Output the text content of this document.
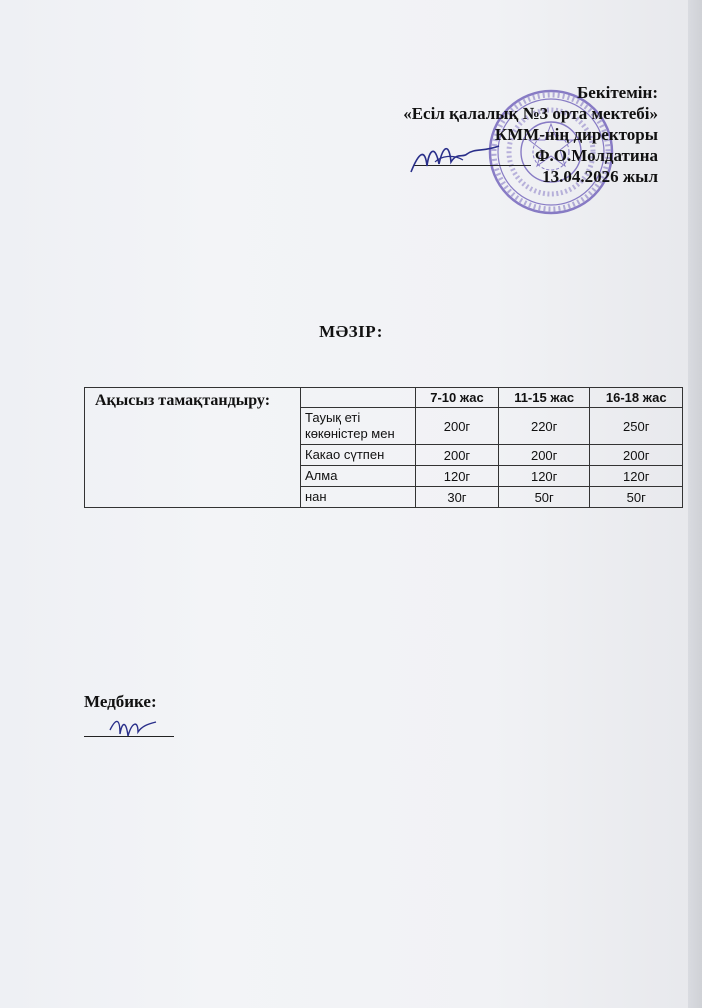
Бекітемін:
«Есіл қалалық №3 орта мектебі»
КММ-нің директоры
Ф.О.Молдатина
13.04.2026 жыл
МӘЗІР:
Ақысыз тамақтандыру:		7-10 жас	11-15 жас	16-18 жас
	Тауық еті көкөністер мен	200г	220г	250г
	Какао сүтпен	200г	200г	200г
	Алма	120г	120г	120г
	нан	30г	50г	50г
Медбике:
